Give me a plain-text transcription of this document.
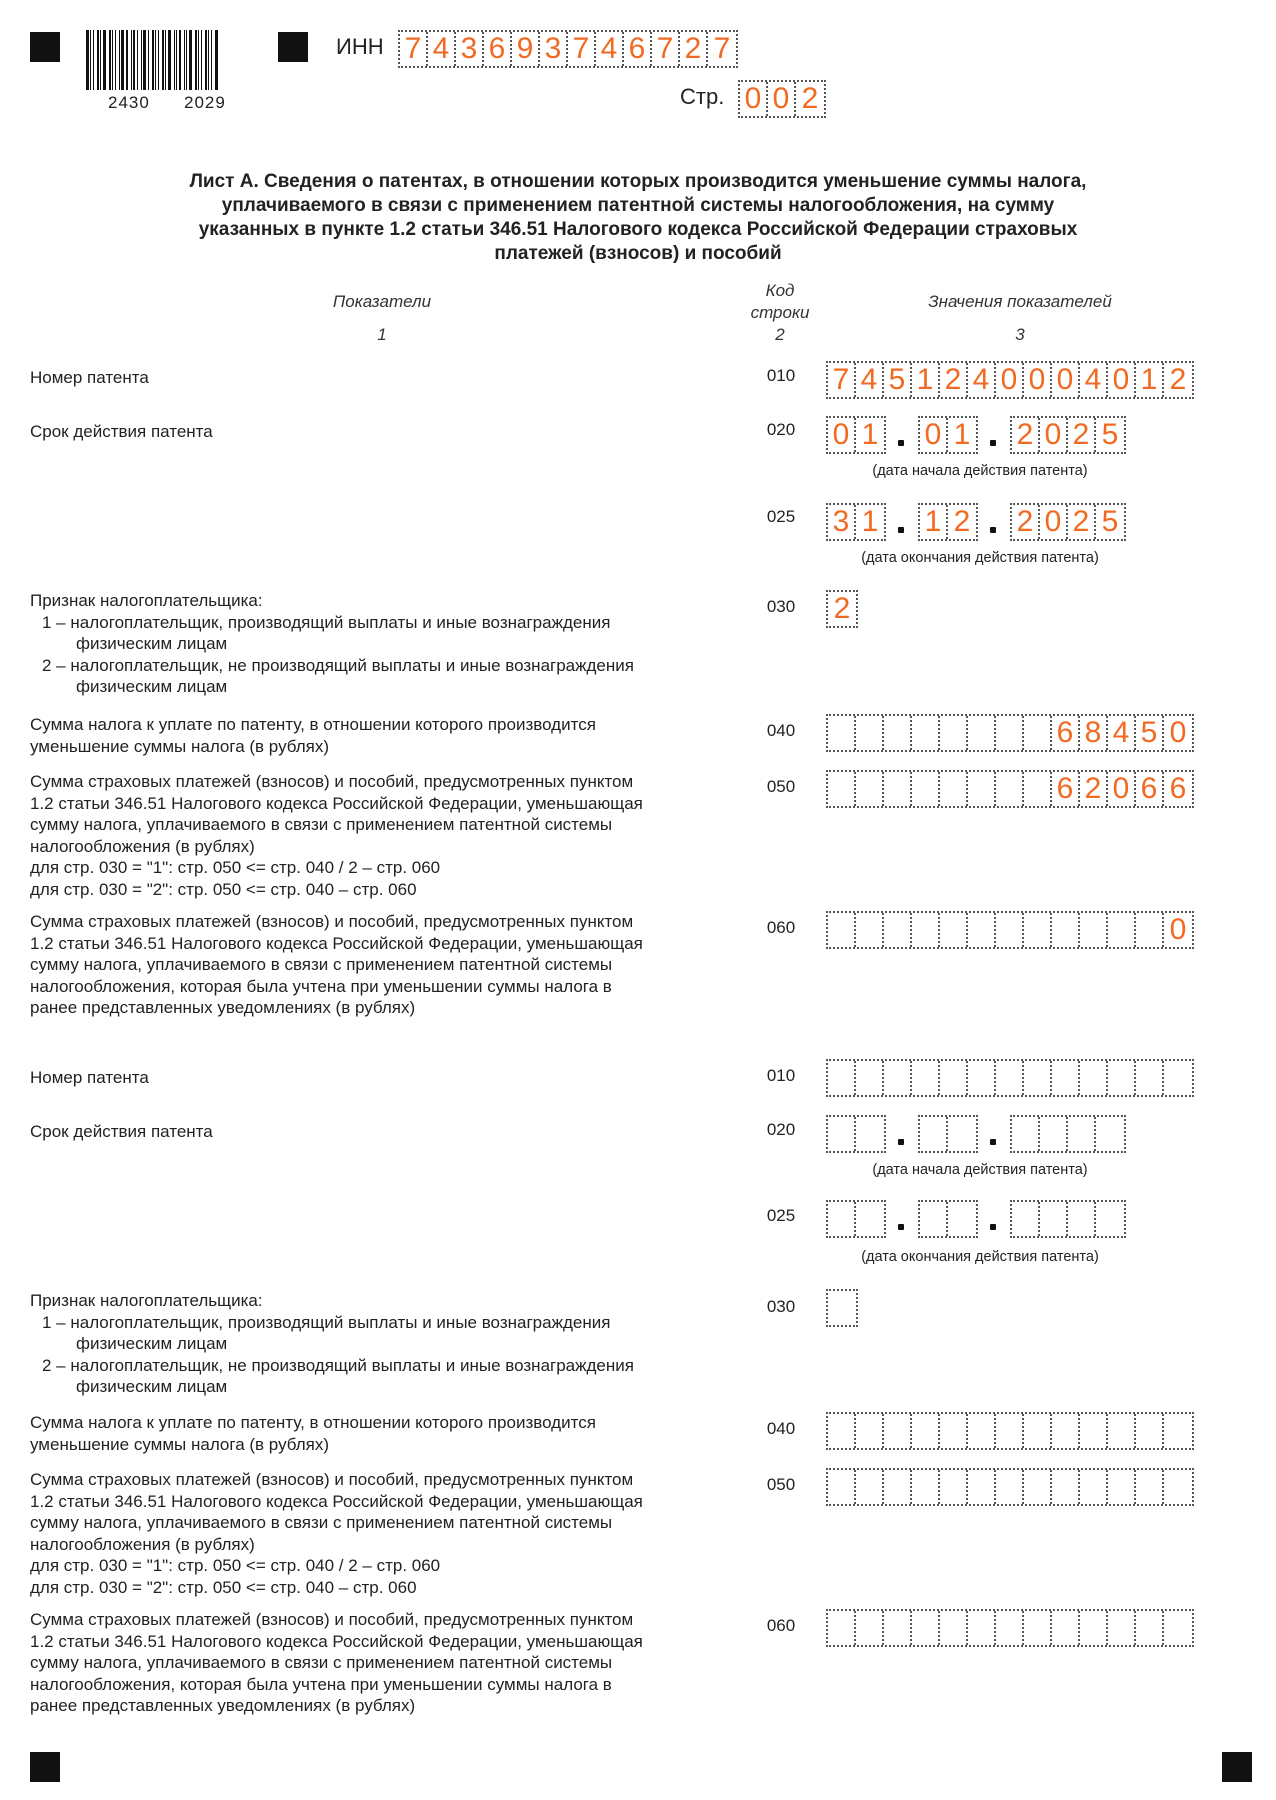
2430 2029
ИНН 7 4 3 6 9 3 7 4 6 7 2 7
Стр. 0 0 2
Лист А. Сведения о патентах, в отношении которых производится уменьшение суммы налога,
уплачиваемого в связи с применением патентной системы налогообложения, на сумму
указанных в пункте 1.2 статьи 346.51 Налогового кодекса Российской Федерации страховых
платежей (взносов) и пособий
Показатели
1
Код
строки
2
Значения показателей
3
Номер патента	010	7 4 5 1 2 4 0 0 0 4 0 1 2
Срок действия патента	020	0 1 0 1 2 0 2 5
(дата начала действия патента)
025	3 1 1 2 2 0 2 5
(дата окончания действия патента)
Признак налогоплательщика:
1 – налогоплательщик, производящий выплаты и иные вознаграждения
физическим лицам
2 – налогоплательщик, не производящий выплаты и иные вознаграждения
физическим лицам
030	2
Сумма налога к уплате по патенту, в отношении которого производится
уменьшение суммы налога (в рублях)
040	6 8 4 5 0
Сумма страховых платежей (взносов) и пособий, предусмотренных пунктом
1.2 статьи 346.51 Налогового кодекса Российской Федерации, уменьшающая
сумму налога, уплачиваемого в связи с применением патентной системы
налогообложения (в рублях)
для стр. 030 = "1": стр. 050 <= стр. 040 / 2 – стр. 060
для стр. 030 = "2": стр. 050 <= стр. 040 – стр. 060
050	6 2 0 6 6
Сумма страховых платежей (взносов) и пособий, предусмотренных пунктом
1.2 статьи 346.51 Налогового кодекса Российской Федерации, уменьшающая
сумму налога, уплачиваемого в связи с применением патентной системы
налогообложения, которая была учтена при уменьшении суммы налога в
ранее представленных уведомлениях (в рублях)
060	0
Номер патента	010
Срок действия патента	020
(дата начала действия патента)
025
(дата окончания действия патента)
Признак налогоплательщика:
1 – налогоплательщик, производящий выплаты и иные вознаграждения
физическим лицам
2 – налогоплательщик, не производящий выплаты и иные вознаграждения
физическим лицам
030
Сумма налога к уплате по патенту, в отношении которого производится
уменьшение суммы налога (в рублях)
040
Сумма страховых платежей (взносов) и пособий, предусмотренных пунктом
1.2 статьи 346.51 Налогового кодекса Российской Федерации, уменьшающая
сумму налога, уплачиваемого в связи с применением патентной системы
налогообложения (в рублях)
для стр. 030 = "1": стр. 050 <= стр. 040 / 2 – стр. 060
для стр. 030 = "2": стр. 050 <= стр. 040 – стр. 060
050
Сумма страховых платежей (взносов) и пособий, предусмотренных пунктом
1.2 статьи 346.51 Налогового кодекса Российской Федерации, уменьшающая
сумму налога, уплачиваемого в связи с применением патентной системы
налогообложения, которая была учтена при уменьшении суммы налога в
ранее представленных уведомлениях (в рублях)
060
